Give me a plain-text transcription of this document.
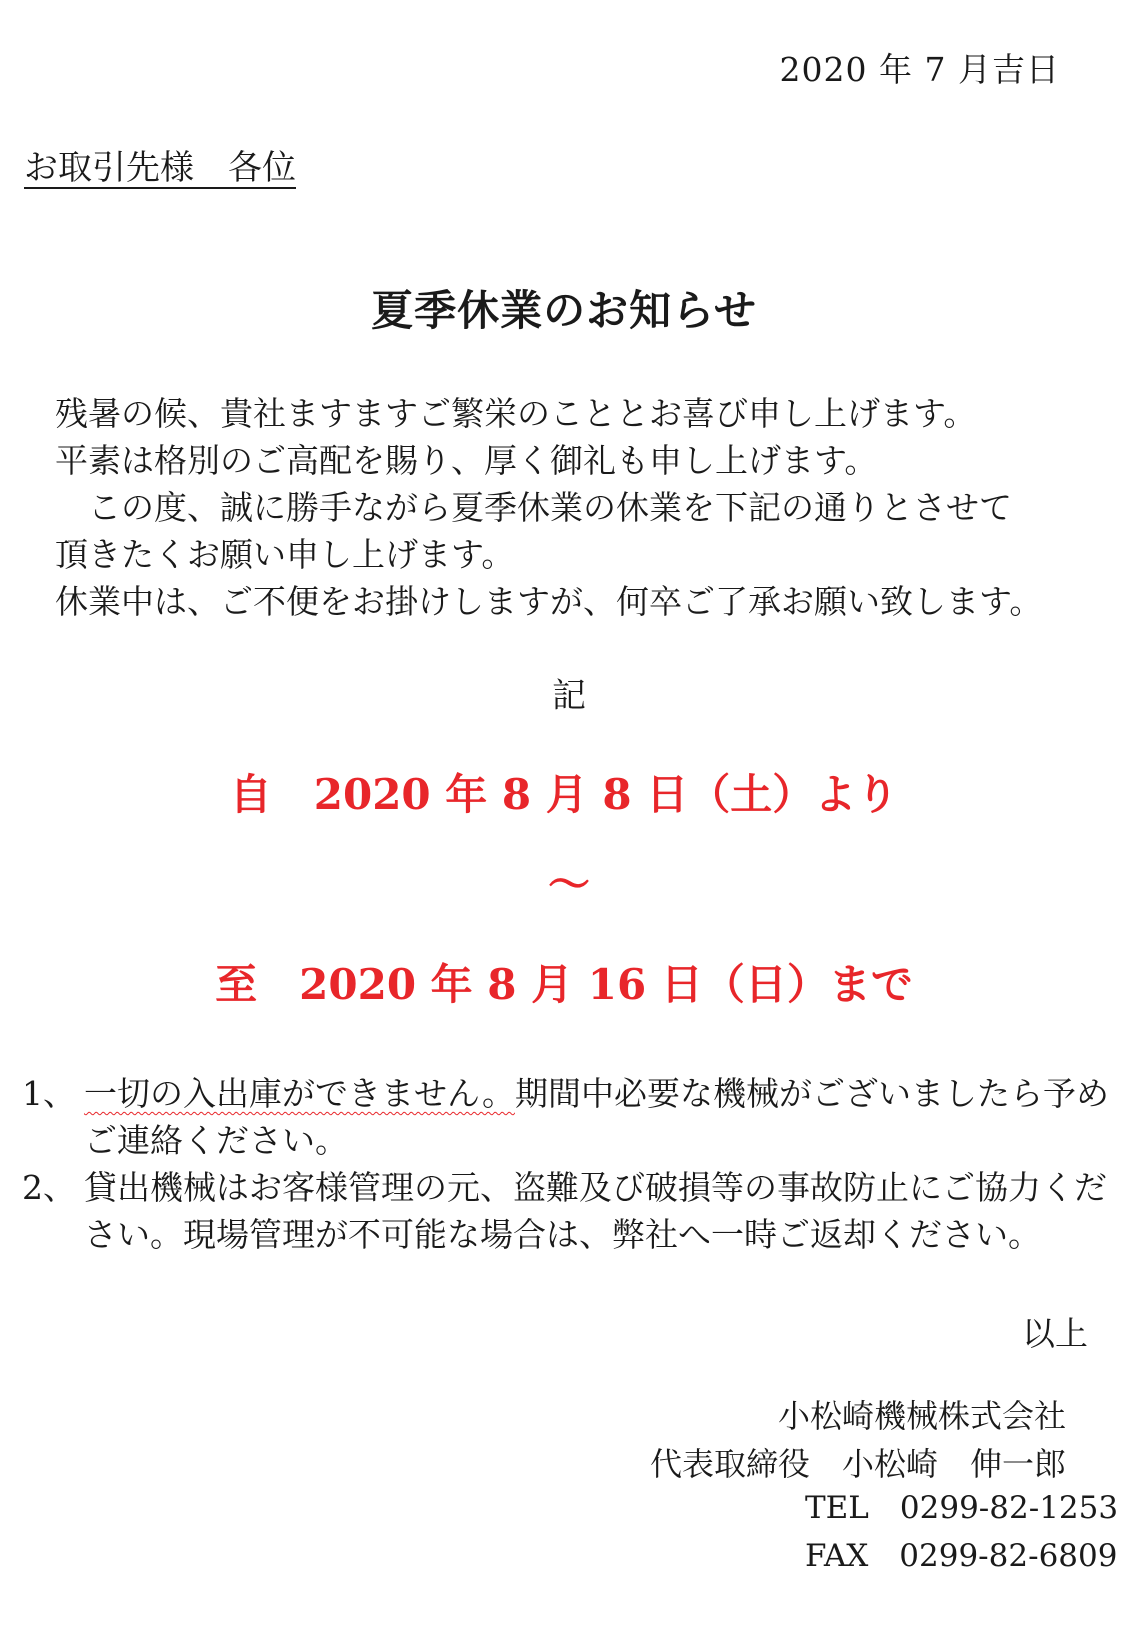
2020 年 7 月吉日
お取引先様　各位
夏季休業のお知らせ

残暑の候、貴社ますますご繁栄のこととお喜び申し上げます。

平素は格別のご高配を賜り、厚く御礼も申し上げます。

　この度、誠に勝手ながら夏季休業の休業を下記の通りとさせて

頂きたくお願い申し上げます。

休業中は、ご不便をお掛けしますが、何卒ご了承お願い致します。

記
自　2020 年 8 月 8 日（土）より
～
至　2020 年 8 月 16 日（日）まで
1、 一切の入出庫ができません。期間中必要な機械がございましたら予めご連絡ください。
2、 貸出機械はお客様管理の元、盗難及び破損等の事故防止にご協力ください。現場管理が不可能な場合は、弊社へ一時ご返却ください。
以上
小松崎機械株式会社
代表取締役　小松崎　伸一郎
TEL　 0299-82-1253
FAX　 0299-82-6809
